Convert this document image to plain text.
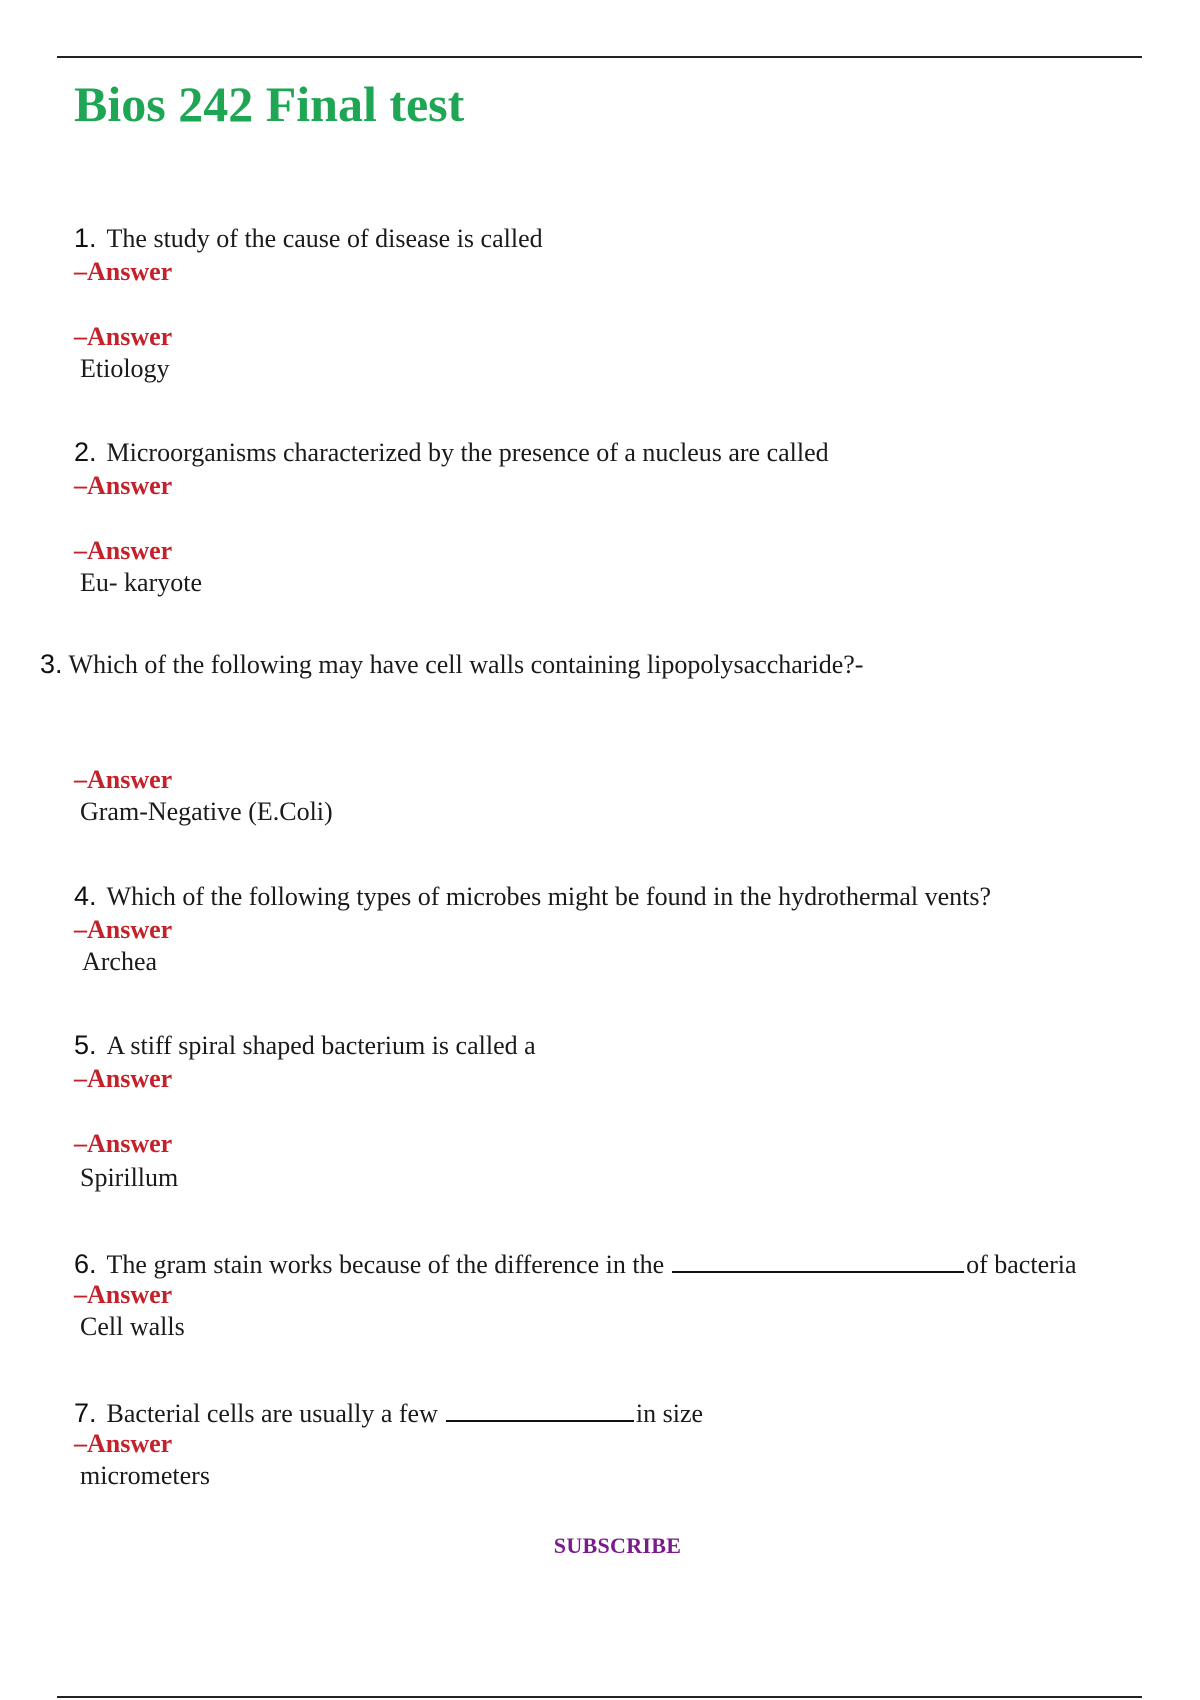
Bios 242 Final test
1. The study of the cause of disease is called
–Answer
–Answer
Etiology
2. Microorganisms characterized by the presence of a nucleus are called
–Answer
–Answer
Eu- karyote
3. Which of the following may have cell walls containing lipopolysaccharide?-
–Answer
Gram-Negative (E.Coli)
4. Which of the following types of microbes might be found in the hydrothermal vents?
–Answer
Archea
5. A stiff spiral shaped bacterium is called a
–Answer
–Answer
Spirillum
6. The gram stain works because of the difference in the	of bacteria
–Answer
Cell walls
7. Bacterial cells are usually a few	in size
–Answer
micrometers
SUBSCRIBE
